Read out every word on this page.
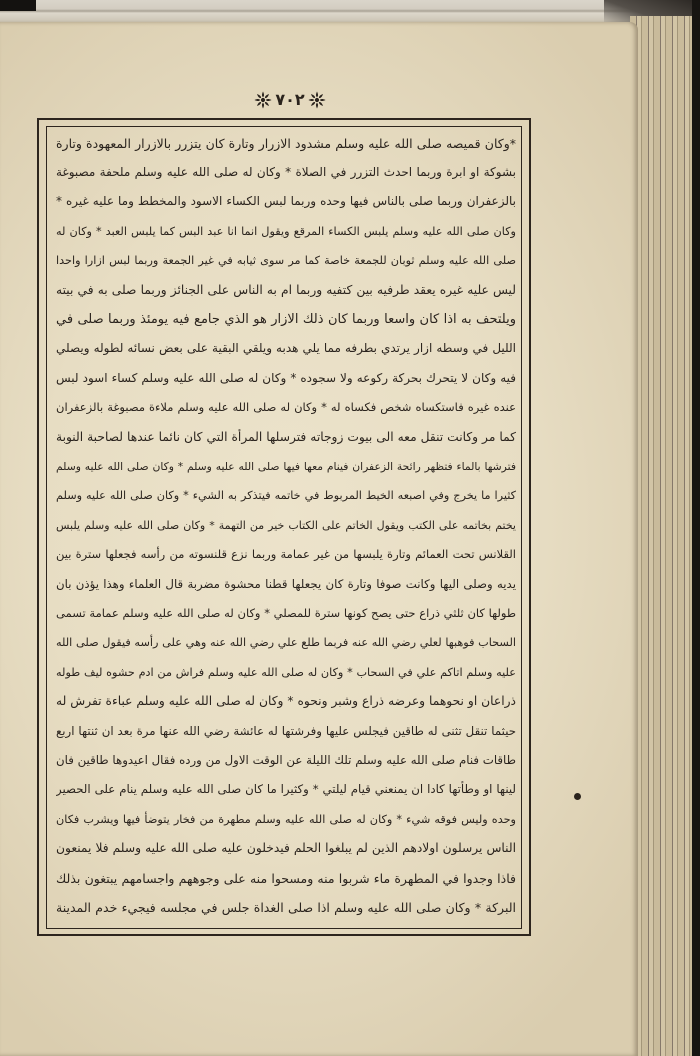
٧٠٢
*وكان قميصه صلى الله عليه وسلم مشدود الازرار وتارة كان يتزرر بالازرار المعهودة وتارة
بشوكة او ابرة وربما احدث التزرر في الصلاة * وكان له صلى الله عليه وسلم ملحفة مصبوغة
بالزعفران وربما صلى بالناس فيها وحده وربما لبس الكساء الاسود والمخطط وما عليه غيره *
وكان صلى الله عليه وسلم يلبس الكساء المرقع ويقول انما انا عبد البس كما يلبس العبد * وكان له
صلى الله عليه وسلم ثوبان للجمعة خاصة كما مر سوى ثيابه في غير الجمعة وربما لبس ازارا واحدا
ليس عليه غيره يعقد طرفيه بين كتفيه وربما ام به الناس على الجنائز وربما صلى به في بيته
ويلتحف به اذا كان واسعا وربما كان ذلك الازار هو الذي جامع فيه يومئذ وربما صلى في
الليل في وسطه ازار يرتدي بطرفه مما يلي هدبه ويلقي البقية على بعض نسائه لطوله ويصلي
فيه وكان لا يتحرك بحركة ركوعه ولا سجوده * وكان له صلى الله عليه وسلم كساء اسود لبس
عنده غيره فاستكساه شخص فكساه له * وكان له صلى الله عليه وسلم ملاءة مصبوغة بالزعفران
كما مر وكانت تنقل معه الى بيوت زوجاته فترسلها المرأة التي كان نائما عندها لصاحبة النوبة
فترشها بالماء فتظهر رائحة الزعفران فينام معها فيها صلى الله عليه وسلم * وكان صلى الله عليه وسلم
كثيرا ما يخرج وفي اصبعه الخيط المربوط في خاتمه فيتذكر به الشيء * وكان صلى الله عليه وسلم
يختم بخاتمه على الكتب ويقول الخاتم على الكتاب خير من التهمة * وكان صلى الله عليه وسلم يلبس
القلانس تحت العمائم وتارة يلبسها من غير عمامة وربما نزع قلنسوته من رأسه فجعلها سترة بين
يديه وصلى اليها وكانت صوفا وتارة كان يجعلها قطنا محشوة مضربة قال العلماء وهذا يؤذن بان
طولها كان ثلثي ذراع حتى يصح كونها سترة للمصلي * وكان له صلى الله عليه وسلم عمامة تسمى
السحاب فوهبها لعلي رضي الله عنه فربما طلع علي رضي الله عنه وهي على رأسه فيقول صلى الله
عليه وسلم اتاكم علي في السحاب * وكان له صلى الله عليه وسلم فراش من ادم حشوه ليف طوله
ذراعان او نحوهما وعرضه ذراع وشبر ونحوه * وكان له صلى الله عليه وسلم عباءة تفرش له
حيثما تنقل تثنى له طاقين فيجلس عليها وفرشتها له عائشة رضي الله عنها مرة بعد ان ثنتها اربع
طاقات فنام صلى الله عليه وسلم تلك الليلة عن الوقت الاول من ورده فقال اعيدوها طاقين فان
لينها او وطأتها كادا ان يمنعني قيام ليلتي * وكثيرا ما كان صلى الله عليه وسلم ينام على الحصير
وحده وليس فوقه شيء * وكان له صلى الله عليه وسلم مطهرة من فخار يتوضأ فيها ويشرب فكان
الناس يرسلون اولادهم الذين لم يبلغوا الحلم فيدخلون عليه صلى الله عليه وسلم فلا يمنعون
فاذا وجدوا في المطهرة ماء شربوا منه ومسحوا منه على وجوههم واجسامهم يبتغون بذلك
البركة * وكان صلى الله عليه وسلم اذا صلى الغداة جلس في مجلسه فيجيء خدم المدينة
